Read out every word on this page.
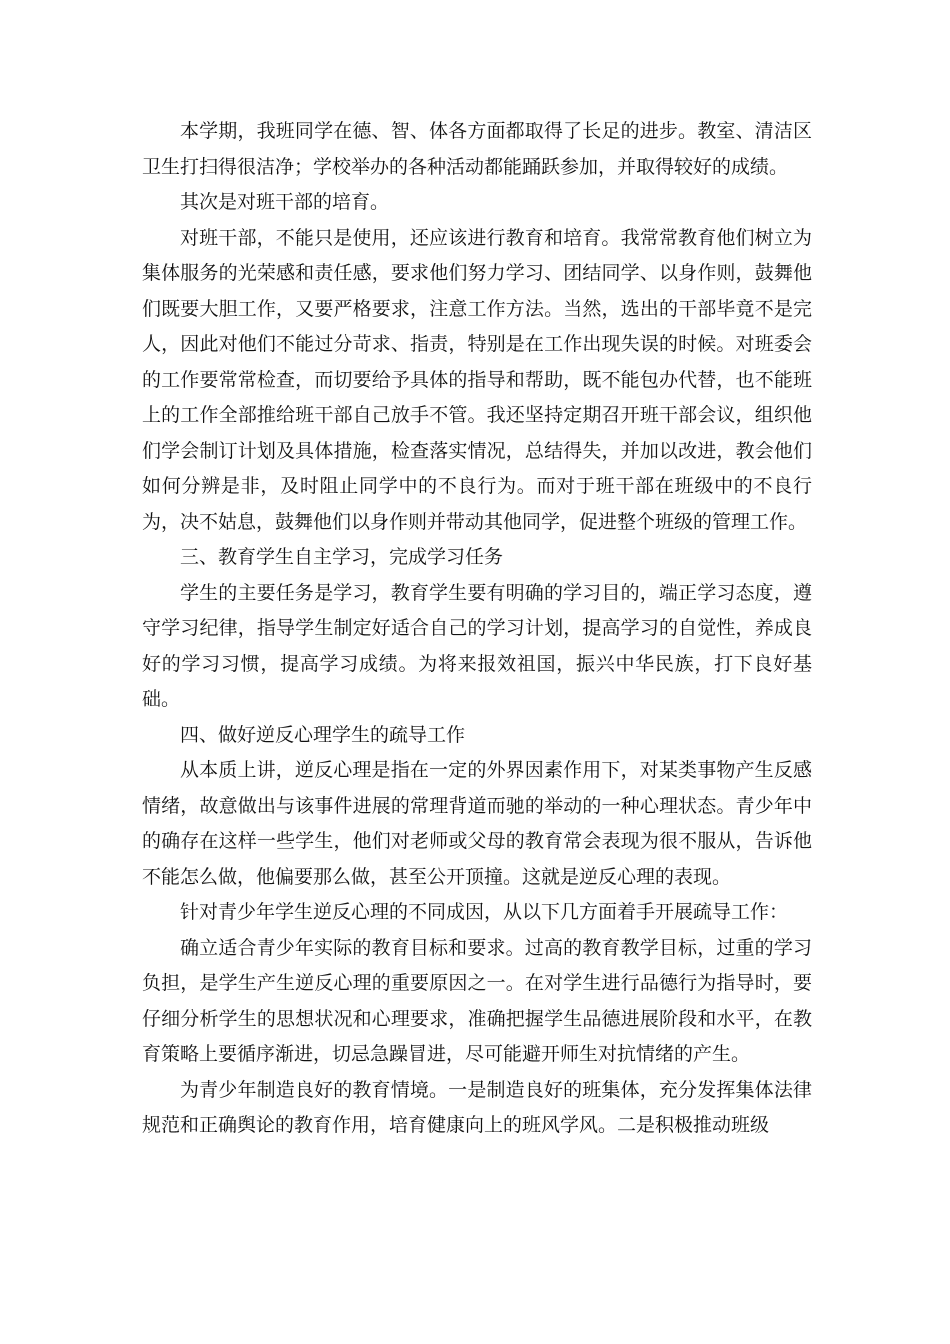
本学期，我班同学在德、智、体各方面都取得了长足的进步。教室、清洁区卫生打扫得很洁净；学校举办的各种活动都能踊跃参加，并取得较好的成绩。

其次是对班干部的培育。

对班干部，不能只是使用，还应该进行教育和培育。我常常教育他们树立为集体服务的光荣感和责任感，要求他们努力学习、团结同学、以身作则，鼓舞他们既要大胆工作，又要严格要求，注意工作方法。当然，选出的干部毕竟不是完人，因此对他们不能过分苛求、指责，特别是在工作出现失误的时候。对班委会的工作要常常检查，而切要给予具体的指导和帮助，既不能包办代替，也不能班上的工作全部推给班干部自己放手不管。我还坚持定期召开班干部会议，组织他们学会制订计划及具体措施，检查落实情况，总结得失，并加以改进，教会他们如何分辨是非，及时阻止同学中的不良行为。而对于班干部在班级中的不良行为，决不姑息，鼓舞他们以身作则并带动其他同学，促进整个班级的管理工作。

三、教育学生自主学习，完成学习任务

学生的主要任务是学习，教育学生要有明确的学习目的，端正学习态度，遵守学习纪律，指导学生制定好适合自己的学习计划，提高学习的自觉性，养成良好的学习习惯，提高学习成绩。为将来报效祖国，振兴中华民族，打下良好基础。

四、做好逆反心理学生的疏导工作

从本质上讲，逆反心理是指在一定的外界因素作用下，对某类事物产生反感情绪，故意做出与该事件进展的常理背道而驰的举动的一种心理状态。青少年中的确存在这样一些学生，他们对老师或父母的教育常会表现为很不服从，告诉他不能怎么做，他偏要那么做，甚至公开顶撞。这就是逆反心理的表现。

针对青少年学生逆反心理的不同成因，从以下几方面着手开展疏导工作：

确立适合青少年实际的教育目标和要求。过高的教育教学目标，过重的学习负担，是学生产生逆反心理的重要原因之一。在对学生进行品德行为指导时，要仔细分析学生的思想状况和心理要求，准确把握学生品德进展阶段和水平，在教育策略上要循序渐进，切忌急躁冒进，尽可能避开师生对抗情绪的产生。

为青少年制造良好的教育情境。一是制造良好的班集体，充分发挥集体法律规范和正确舆论的教育作用，培育健康向上的班风学风。二是积极推动班级
